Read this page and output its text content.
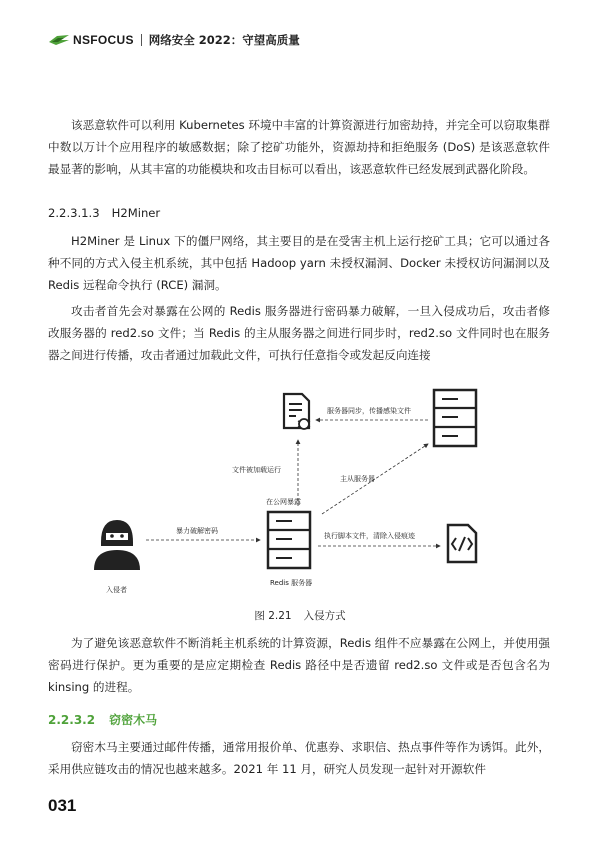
NSFOCUS 网络安全 2022：守望高质量

该恶意软件可以利用 Kubernetes 环境中丰富的计算资源进行加密劫持，并完全可以窃取集群中数以万计个应用程序的敏感数据；除了挖矿功能外，资源劫持和拒绝服务 (DoS) 是该恶意软件最显著的影响，从其丰富的功能模块和攻击目标可以看出，该恶意软件已经发展到武器化阶段。

2.2.3.1.3 H2Miner

H2Miner 是 Linux 下的僵尸网络，其主要目的是在受害主机上运行挖矿工具；它可以通过各种不同的方式入侵主机系统，其中包括 Hadoop yarn 未授权漏洞、Docker 未授权访问漏洞以及 Redis 远程命令执行 (RCE) 漏洞。

攻击者首先会对暴露在公网的 Redis 服务器进行密码暴力破解，一旦入侵成功后，攻击者修改服务器的 red2.so 文件；当 Redis 的主从服务器之间进行同步时，red2.so 文件同时也在服务器之间进行传播，攻击者通过加载此文件，可执行任意指令或发起反向连接

服务器同步，传播感染文件
文件被加载运行
主从服务器
在公网暴露
暴力破解密码
执行脚本文件，清除入侵痕迹
Redis 服务器
入侵者
图 2.21 入侵方式

为了避免该恶意软件不断消耗主机系统的计算资源，Redis 组件不应暴露在公网上，并使用强密码进行保护。更为重要的是应定期检查 Redis 路径中是否遗留 red2.so 文件或是否包含名为 kinsing 的进程。

2.2.3.2 窃密木马

窃密木马主要通过邮件传播，通常用报价单、优惠券、求职信、热点事件等作为诱饵。此外，采用供应链攻击的情况也越来越多。2021 年 11 月，研究人员发现一起针对开源软件

031
